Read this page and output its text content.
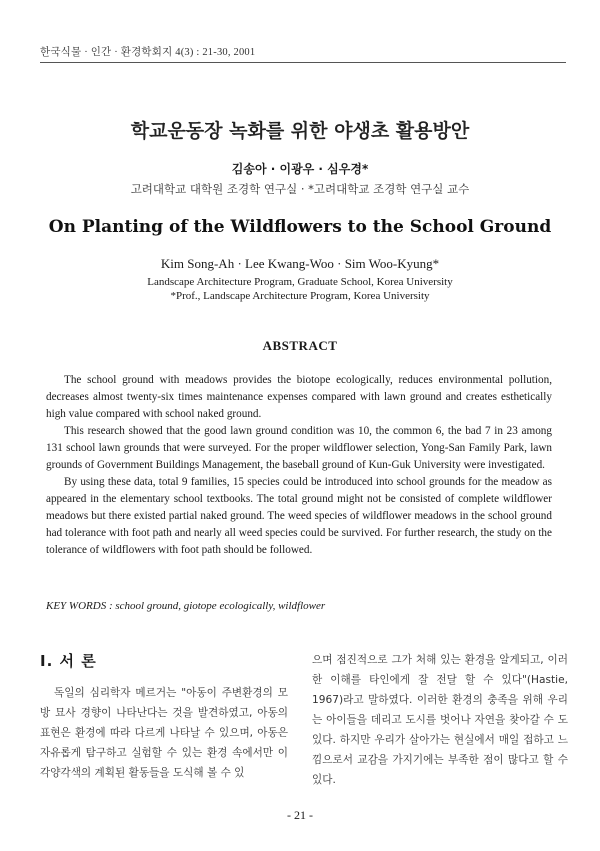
한국식물 · 인간 · 환경학회지 4(3) : 21-30, 2001
학교운동장 녹화를 위한 야생초 활용방안
김송아 · 이광우 · 심우경*
고려대학교 대학원 조경학 연구실 · *고려대학교 조경학 연구실 교수
On Planting of the Wildflowers to the School Ground
Kim Song-Ah · Lee Kwang-Woo · Sim Woo-Kyung*
Landscape Architecture Program, Graduate School, Korea University
*Prof., Landscape Architecture Program, Korea University
ABSTRACT

The school ground with meadows provides the biotope ecologically, reduces environmental pollution, decreases almost twenty-six times maintenance expenses compared with lawn ground and creates esthetically high value compared with school naked ground.

This research showed that the good lawn ground condition was 10, the common 6, the bad 7 in 23 among 131 school lawn grounds that were surveyed. For the proper wildflower selection, Yong-San Family Park, lawn grounds of Government Buildings Management, the baseball ground of Kun-Guk University were investigated.

By using these data, total 9 families, 15 species could be introduced into school grounds for the meadow as appeared in the elementary school textbooks. The total ground might not be consisted of complete wildflower meadows but there existed partial naked ground. The weed species of wildflower meadows in the school ground had tolerance with foot path and nearly all weed species could be survived. For further research, the study on the tolerance of wildflowers with foot path should be followed.

KEY WORDS : school ground, giotope ecologically, wildflower
I. 서 론

독일의 심리학자 메르거는 "아동이 주변환경의 모방 묘사 경향이 나타난다는 것을 발견하였고, 아동의 표현은 환경에 따라 다르게 나타날 수 있으며, 아동은 자유롭게 탐구하고 실험할 수 있는 환경 속에서만 이 각양각색의 계획된 활동들을 도식해 볼 수 있

으며 점진적으로 그가 처해 있는 환경을 알게되고, 이러한 이해를 타인에게 잘 전달 할 수 있다"(Hastie, 1967)라고 말하였다. 이러한 환경의 충족을 위해 우리는 아이들을 데리고 도시를 벗어나 자연을 찾아갈 수 도 있다. 하지만 우리가 살아가는 현실에서 매일 접하고 느낌으로서 교감을 가지기에는 부족한 점이 많다고 할 수 있다.

- 21 -
